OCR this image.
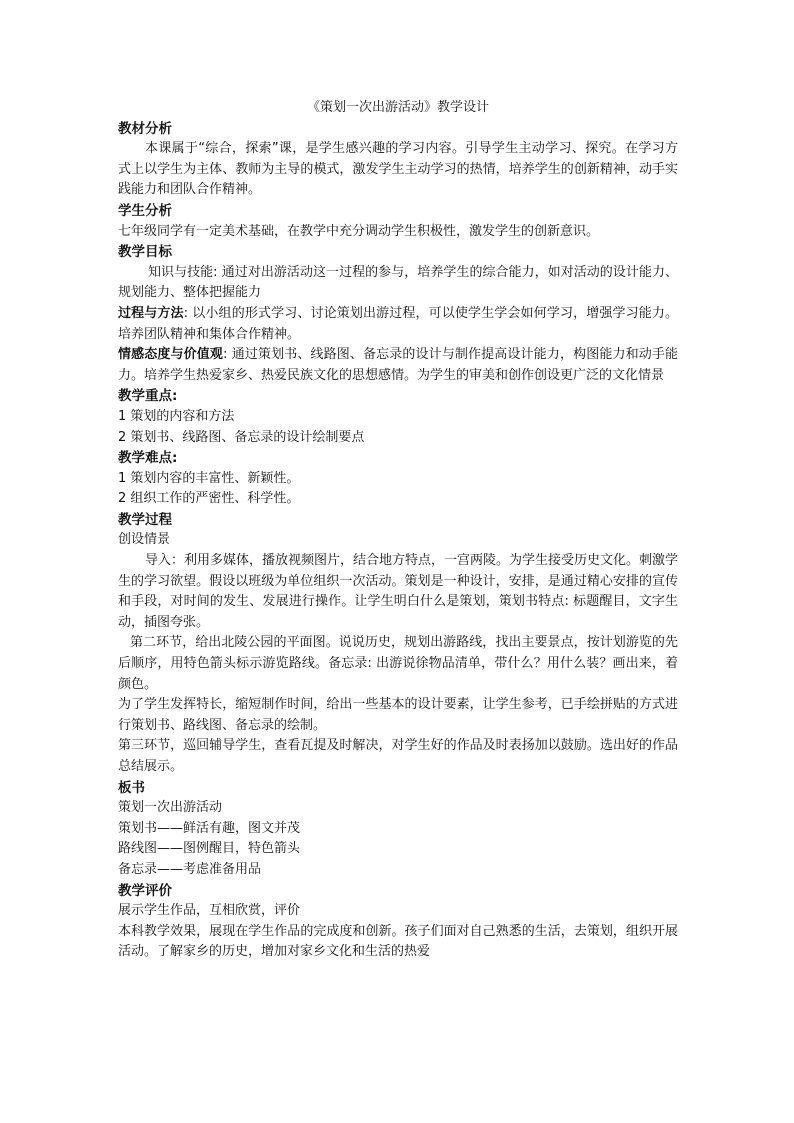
《策划一次出游活动》教学设计
教材分析
本课属于“综合，探索”课，是学生感兴趣的学习内容。引导学生主动学习、探究。在学习方式上以学生为主体、教师为主导的模式，激发学生主动学习的热情，培养学生的创新精神，动手实践能力和团队合作精神。
学生分析
七年级同学有一定美术基础，在教学中充分调动学生积极性，激发学生的创新意识。
教学目标
知识与技能: 通过对出游活动这一过程的参与，培养学生的综合能力，如对活动的设计能力、规划能力、整体把握能力
过程与方法: 以小组的形式学习、讨论策划出游过程，可以使学生学会如何学习，增强学习能力。培养团队精神和集体合作精神。
情感态度与价值观: 通过策划书、线路图、备忘录的设计与制作提高设计能力，构图能力和动手能力。培养学生热爱家乡、热爱民族文化的思想感情。为学生的审美和创作创设更广泛的文化情景
教学重点:
1 策划的内容和方法
2 策划书、线路图、备忘录的设计绘制要点
教学难点:
1 策划内容的丰富性、新颖性。
2 组织工作的严密性、科学性。
教学过程
创设情景
导入：利用多媒体，播放视频图片，结合地方特点，一宫两陵。为学生接受历史文化。刺激学生的学习欲望。假设以班级为单位组织一次活动。策划是一种设计，安排，是通过精心安排的宣传和手段，对时间的发生、发展进行操作。让学生明白什么是策划，策划书特点: 标题醒目，文字生动，插图夸张。
第二环节，给出北陵公园的平面图。说说历史，规划出游路线，找出主要景点，按计划游览的先后顺序，用特色箭头标示游览路线。备忘录: 出游说徐物品清单，带什么？用什么装？画出来，着颜色。
为了学生发挥特长，缩短制作时间，给出一些基本的设计要素，让学生参考，已手绘拼贴的方式进行策划书、路线图、备忘录的绘制。
第三环节，巡回辅导学生，查看瓦提及时解决，对学生好的作品及时表扬加以鼓励。选出好的作品总结展示。
板书
策划一次出游活动
策划书——鲜活有趣，图文并茂
路线图——图例醒目，特色箭头
备忘录——考虑准备用品
教学评价
展示学生作品，互相欣赏，评价
本科教学效果，展现在学生作品的完成度和创新。孩子们面对自己熟悉的生活，去策划，组织开展活动。了解家乡的历史，增加对家乡文化和生活的热爱
